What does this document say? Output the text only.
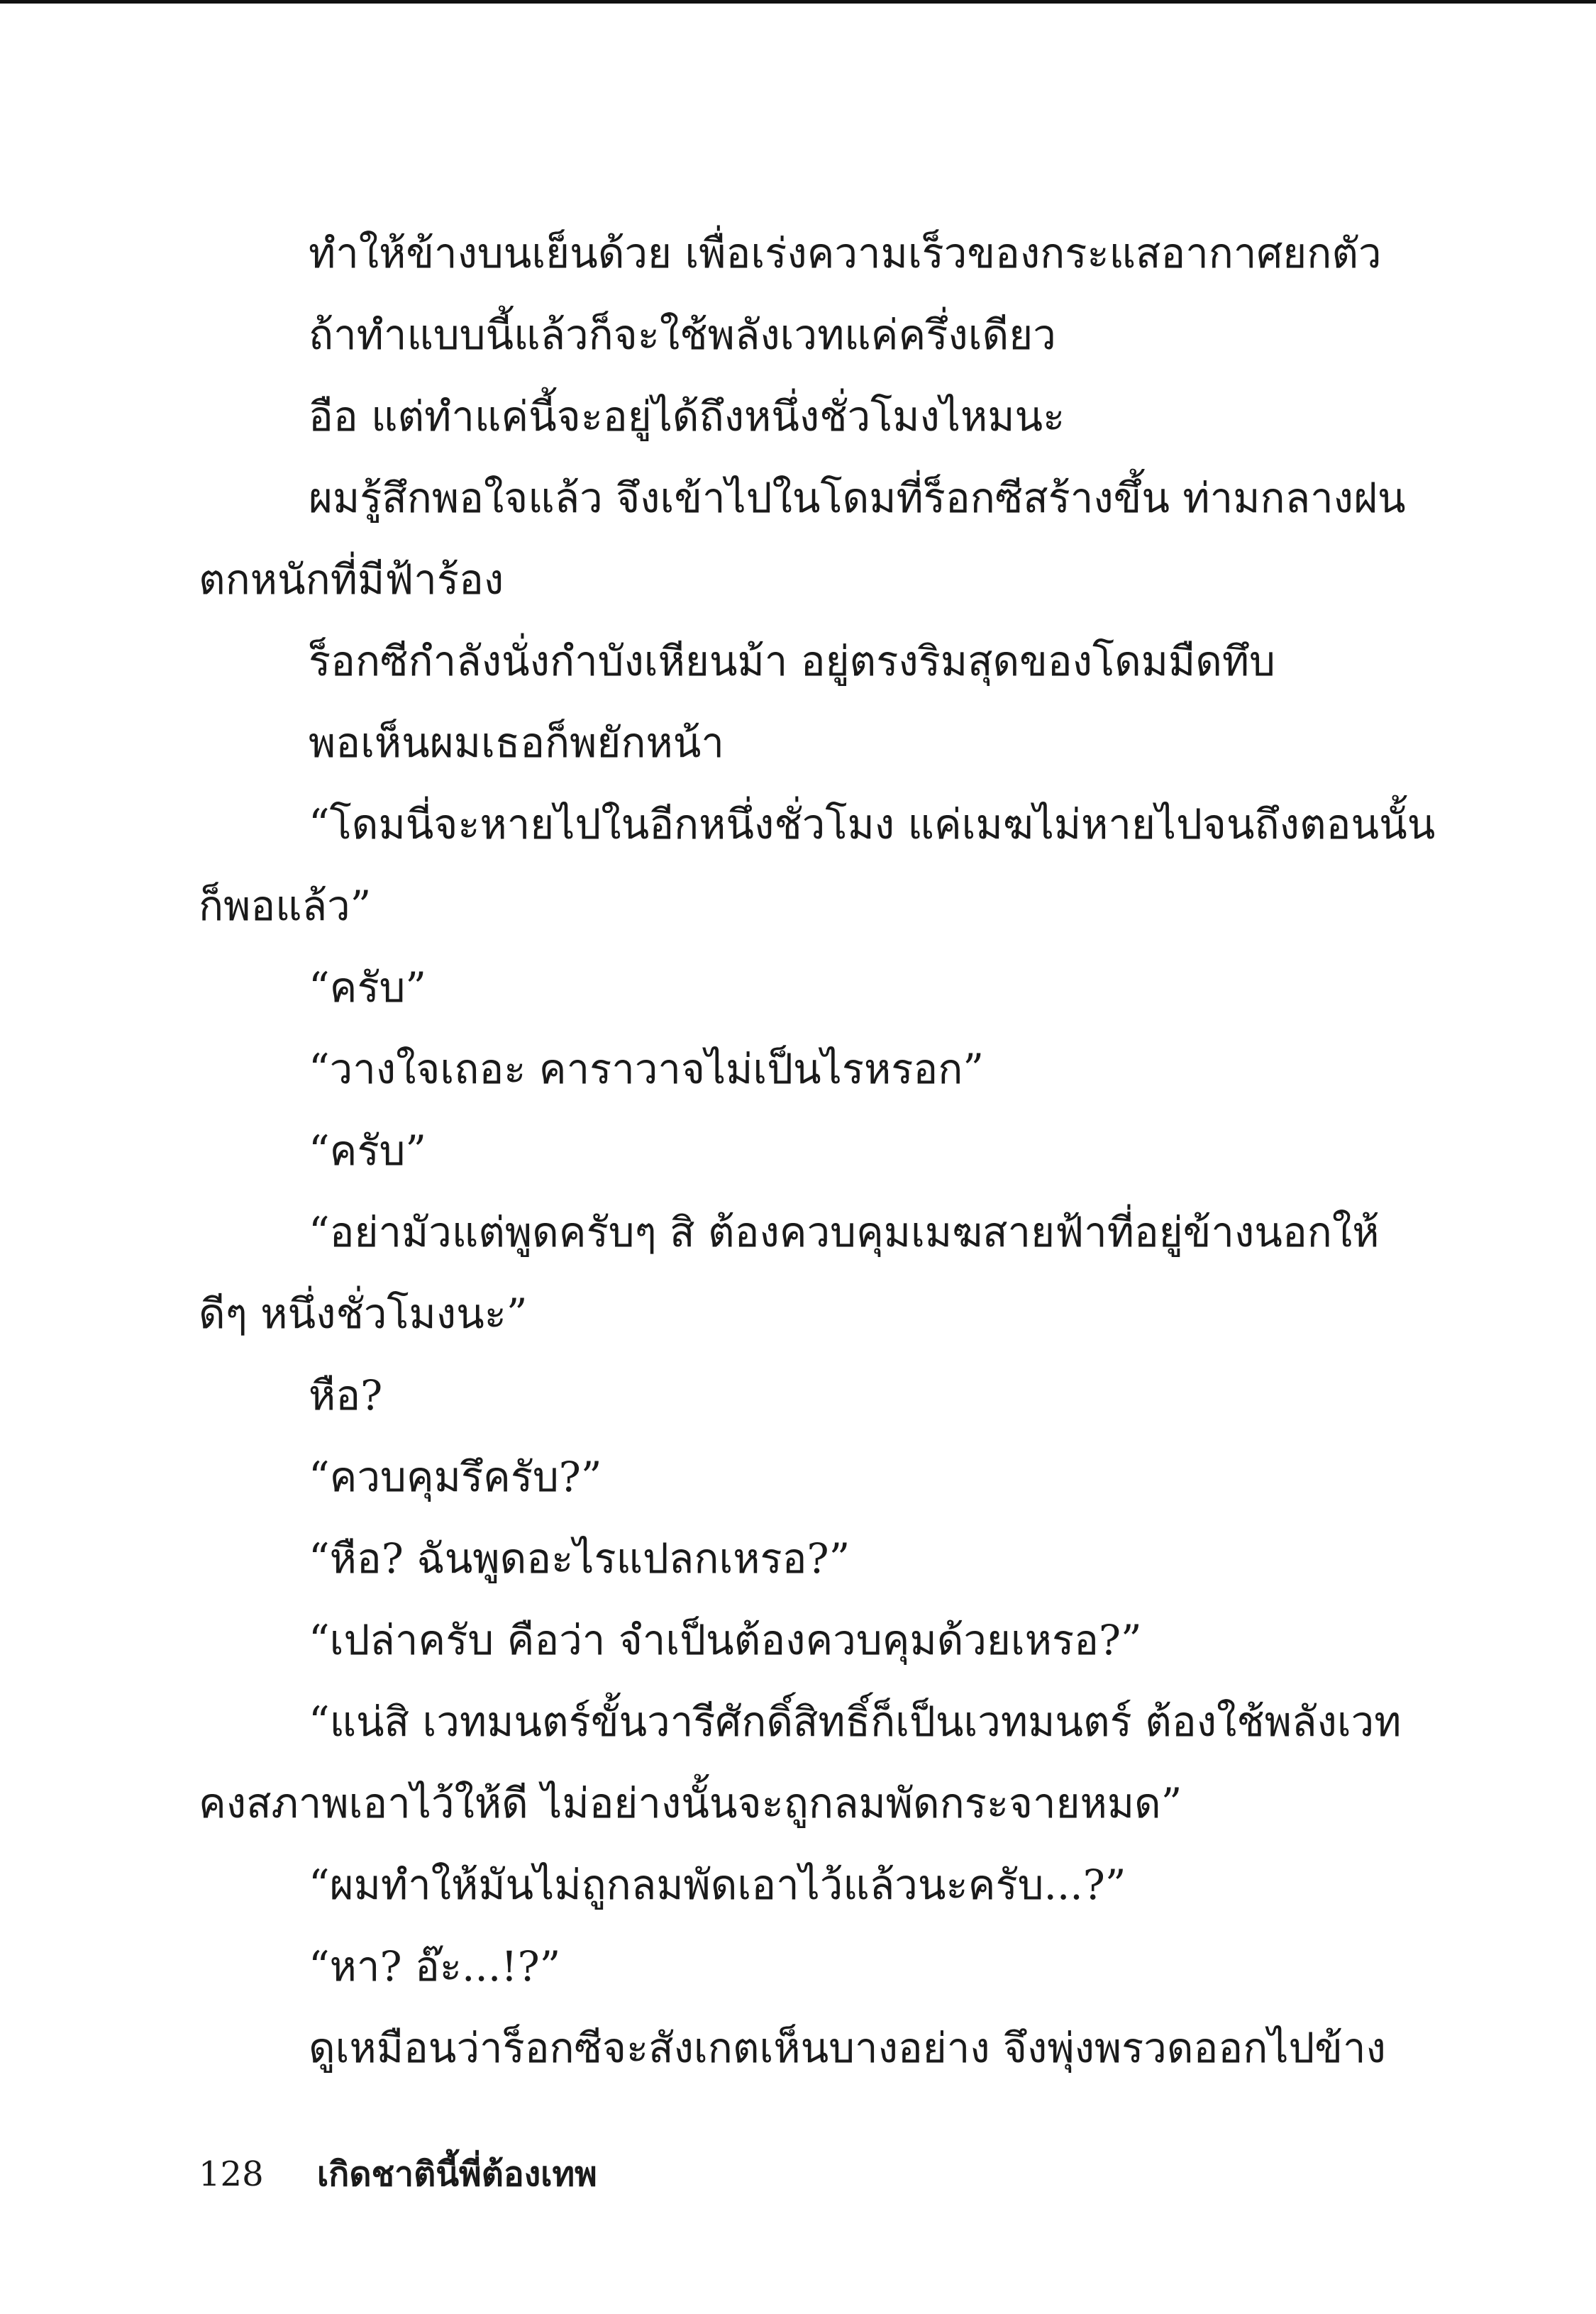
ทำให้ข้างบนเย็นด้วย เพื่อเร่งความเร็วของกระแสอากาศยกตัว
ถ้าทำแบบนี้แล้วก็จะใช้พลังเวทแค่ครึ่งเดียว
อือ แต่ทำแค่นี้จะอยู่ได้ถึงหนึ่งชั่วโมงไหมนะ
ผมรู้สึกพอใจแล้ว จึงเข้าไปในโดมที่ร็อกซีสร้างขึ้น ท่ามกลางฝน
ตกหนักที่มีฟ้าร้อง
ร็อกซีกำลังนั่งกำบังเหียนม้า อยู่ตรงริมสุดของโดมมืดทึบ
พอเห็นผมเธอก็พยักหน้า
“โดมนี่จะหายไปในอีกหนึ่งชั่วโมง แค่เมฆไม่หายไปจนถึงตอนนั้น
ก็พอแล้ว”
“ครับ”
“วางใจเถอะ คาราวาจไม่เป็นไรหรอก”
“ครับ”
“อย่ามัวแต่พูดครับๆ สิ ต้องควบคุมเมฆสายฟ้าที่อยู่ข้างนอกให้
ดีๆ หนึ่งชั่วโมงนะ”
หือ?
“ควบคุมรึครับ?”
“หือ? ฉันพูดอะไรแปลกเหรอ?”
“เปล่าครับ คือว่า จำเป็นต้องควบคุมด้วยเหรอ?”
“แน่สิ เวทมนตร์ขั้นวารีศักดิ์สิทธิ์ก็เป็นเวทมนตร์ ต้องใช้พลังเวท
คงสภาพเอาไว้ให้ดี ไม่อย่างนั้นจะถูกลมพัดกระจายหมด”
“ผมทำให้มันไม่ถูกลมพัดเอาไว้แล้วนะครับ...?”
“หา? อ๊ะ...!?”
ดูเหมือนว่าร็อกซีจะสังเกตเห็นบางอย่าง จึงพุ่งพรวดออกไปข้าง
128 เกิดชาตินี้พี่ต้องเทพ
